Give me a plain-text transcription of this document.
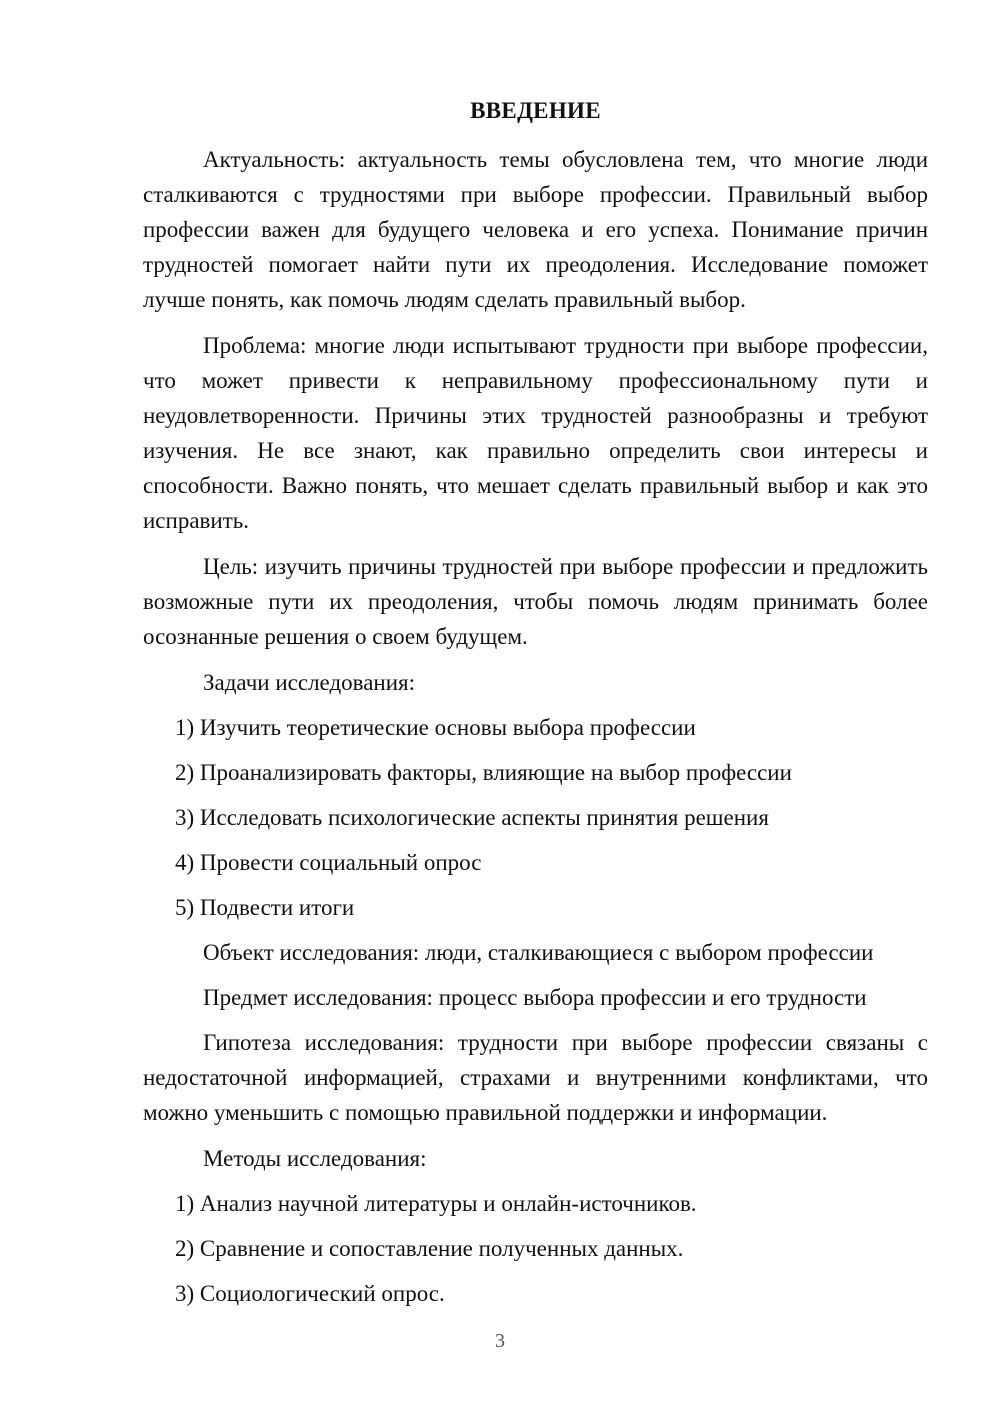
ВВЕДЕНИЕ

Актуальность: актуальность темы обусловлена тем, что многие люди сталкиваются с трудностями при выборе профессии. Правильный выбор профессии важен для будущего человека и его успеха. Понимание причин трудностей помогает найти пути их преодоления. Исследование поможет лучше понять, как помочь людям сделать правильный выбор.

Проблема: многие люди испытывают трудности при выборе профессии, что может привести к неправильному профессиональному пути и неудовлетворенности. Причины этих трудностей разнообразны и требуют изучения. Не все знают, как правильно определить свои интересы и способности. Важно понять, что мешает сделать правильный выбор и как это исправить.

Цель: изучить причины трудностей при выборе профессии и предложить возможные пути их преодоления, чтобы помочь людям принимать более осознанные решения о своем будущем.

Задачи исследования:

1) Изучить теоретические основы выбора профессии
2) Проанализировать факторы, влияющие на выбор профессии
3) Исследовать психологические аспекты принятия решения
4) Провести социальный опрос
5) Подвести итоги

Объект исследования: люди, сталкивающиеся с выбором профессии

Предмет исследования: процесс выбора профессии и его трудности

Гипотеза исследования: трудности при выборе профессии связаны с недостаточной информацией, страхами и внутренними конфликтами, что можно уменьшить с помощью правильной поддержки и информации.

Методы исследования:

1) Анализ научной литературы и онлайн-источников.
2) Сравнение и сопоставление полученных данных.
3) Социологический опрос.
3
